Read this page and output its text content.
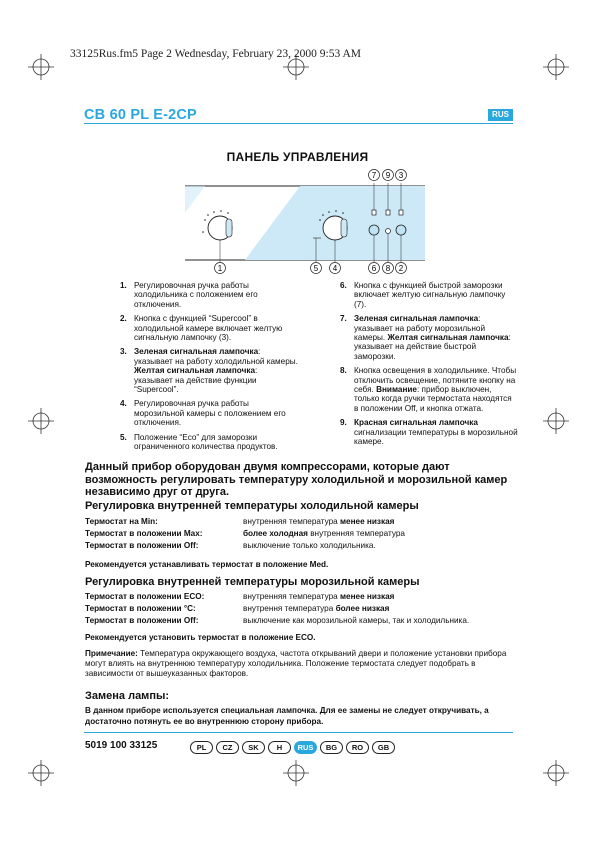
33125Rus.fm5 Page 2 Wednesday, February 23, 2000 9:53 AM
CB 60 PL E-2CP	RUS
ПАНЕЛЬ УПРАВЛЕНИЯ
7 9 3
1	5 4	6 8 2
1. Регулировочная ручка работы холодильника с положением его отключения.
2. Кнопка с функцией “Supercool” в холодильной камере включает желтую сигнальную лампочку (3).
3. Зеленая сигнальная лампочка: указывает на работу холодильной камеры. Желтая сигнальная лампочка: указывает на действие функции “Supercool”.
4. Регулировочная ручка работы морозильной камеры с положением его отключения.
5. Положение “Eco” для заморозки ограниченного количества продуктов.
6. Кнопка с функцией быстрой заморозки включает желтую сигнальную лампочку (7).
7. Зеленая сигнальная лампочка: указывает на работу морозильной камеры. Желтая сигнальная лампочка: указывает на действие быстрой заморозки.
8. Кнопка освещения в холодильнике. Чтобы отключить освещение, потяните кнопку на себя. Внимание: прибор выключен, только когда ручки термостата находятся в положении Off, и кнопка отжата.
9. Красная сигнальная лампочка сигнализации температуры в морозильной камере.
Данный прибор оборудован двумя компрессорами, которые дают возможность регулировать температуру холодильной и морозильной камер независимо друг от друга.
Регулировка внутренней температуры холодильной камеры
Термостат на Min:	внутренняя температура менее низкая
Термостат в положении Max:	более холодная внутренняя температура
Термостат в положении Off:	выключение только холодильника.
Рекомендуется устанавливать термостат в положение Med.
Регулировка внутренней температуры морозильной камеры
Термостат в положении ECO:	внутренняя температура менее низкая
Термостат в положении °C:	внутрення температура более низкая
Термостат в положении Off:	выключение как морозильной камеры, так и холодильника.
Рекомендуется установить термостат в положение ECO.
Примечание: Температура окружающего воздуха, частота открываний двери и положение установки прибора могут влиять на внутреннюю температуру холодильника. Положение термостата следует подобрать в зависимости от вышеуказанных факторов.
Замена лампы:
В данном приборе используется специальная лампочка. Для ее замены не следует откручивать, а достаточно потянуть ее во внутреннюю сторону прибора.
5019 100 33125	PL	CZ	SK	H	RUS	BG	RO	GB
